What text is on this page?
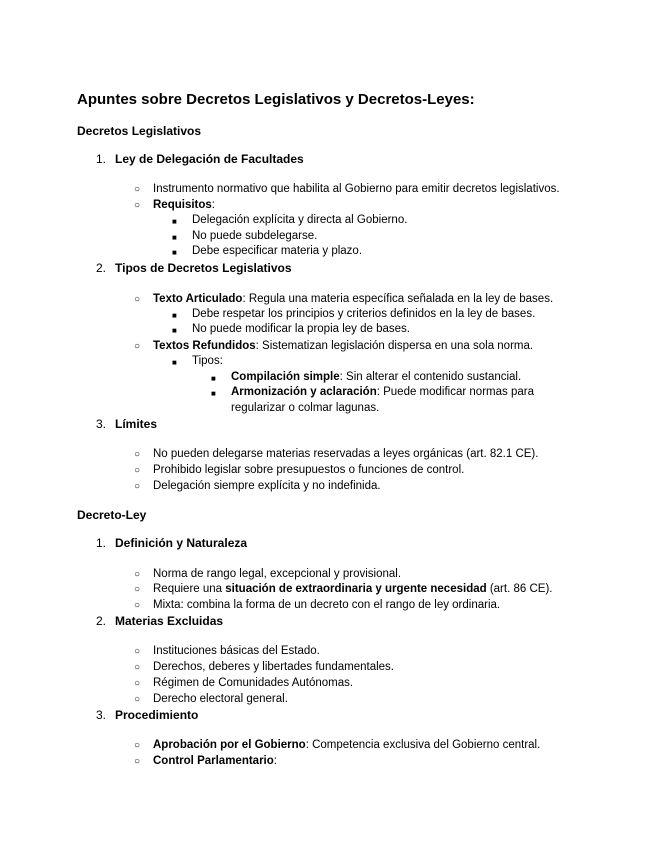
Apuntes sobre Decretos Legislativos y Decretos-Leyes:
Decretos Legislativos
1. Ley de Delegación de Facultades
○ Instrumento normativo que habilita al Gobierno para emitir decretos legislativos.
○ Requisitos:
■ Delegación explícita y directa al Gobierno.
■ No puede subdelegarse.
■ Debe especificar materia y plazo.
2. Tipos de Decretos Legislativos
○ Texto Articulado: Regula una materia específica señalada en la ley de bases.
■ Debe respetar los principios y criterios definidos en la ley de bases.
■ No puede modificar la propia ley de bases.
○ Textos Refundidos: Sistematizan legislación dispersa en una sola norma.
■ Tipos:
■ Compilación simple: Sin alterar el contenido sustancial.
■ Armonización y aclaración: Puede modificar normas para
regularizar o colmar lagunas.
3. Límites
○ No pueden delegarse materias reservadas a leyes orgánicas (art. 82.1 CE).
○ Prohibido legislar sobre presupuestos o funciones de control.
○ Delegación siempre explícita y no indefinida.
Decreto-Ley
1. Definición y Naturaleza
○ Norma de rango legal, excepcional y provisional.
○ Requiere una situación de extraordinaria y urgente necesidad (art. 86 CE).
○ Mixta: combina la forma de un decreto con el rango de ley ordinaria.
2. Materias Excluidas
○ Instituciones básicas del Estado.
○ Derechos, deberes y libertades fundamentales.
○ Régimen de Comunidades Autónomas.
○ Derecho electoral general.
3. Procedimiento
○ Aprobación por el Gobierno: Competencia exclusiva del Gobierno central.
○ Control Parlamentario:
